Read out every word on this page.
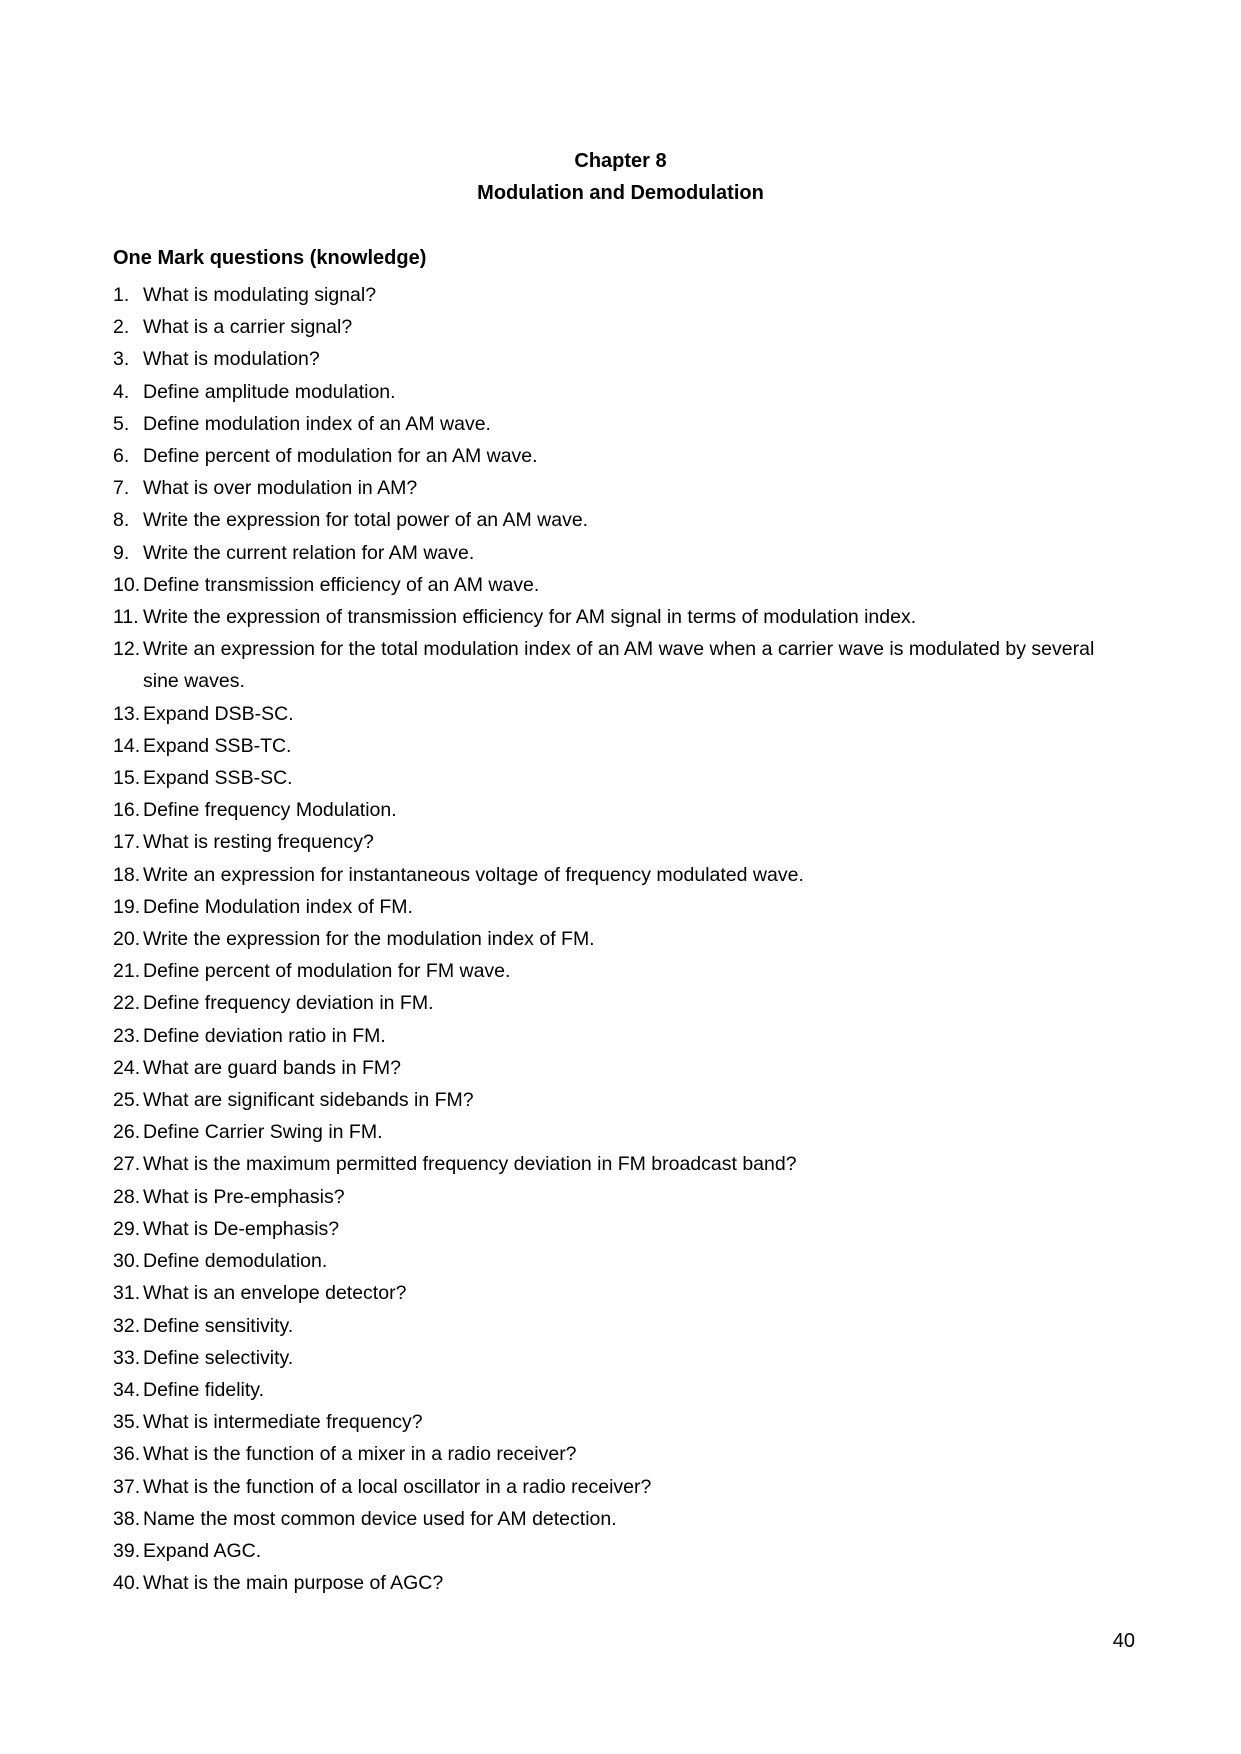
Chapter 8
Modulation and Demodulation
One Mark questions (knowledge)
1. What is modulating signal?
2. What is a carrier signal?
3. What is modulation?
4. Define amplitude modulation.
5. Define modulation index of an AM wave.
6. Define percent of modulation for an AM wave.
7. What is over modulation in AM?
8. Write the expression for total power of an AM wave.
9. Write the current relation for AM wave.
10. Define transmission efficiency of an AM wave.
11. Write the expression of transmission efficiency for AM signal in terms of modulation index.
12. Write an expression for the total modulation index of an AM wave when a carrier wave is modulated by several sine waves.
13. Expand DSB-SC.
14. Expand SSB-TC.
15. Expand SSB-SC.
16. Define frequency Modulation.
17. What is resting frequency?
18. Write an expression for instantaneous voltage of frequency modulated wave.
19. Define Modulation index of FM.
20. Write the expression for the modulation index of FM.
21. Define percent of modulation for FM wave.
22. Define frequency deviation in FM.
23. Define deviation ratio in FM.
24. What are guard bands in FM?
25. What are significant sidebands in FM?
26. Define Carrier Swing in FM.
27. What is the maximum permitted frequency deviation in FM broadcast band?
28. What is Pre-emphasis?
29. What is De-emphasis?
30. Define demodulation.
31. What is an envelope detector?
32. Define sensitivity.
33. Define selectivity.
34. Define fidelity.
35. What is intermediate frequency?
36. What is the function of a mixer in a radio receiver?
37. What is the function of a local oscillator in a radio receiver?
38. Name the most common device used for AM detection.
39. Expand AGC.
40. What is the main purpose of AGC?
40
